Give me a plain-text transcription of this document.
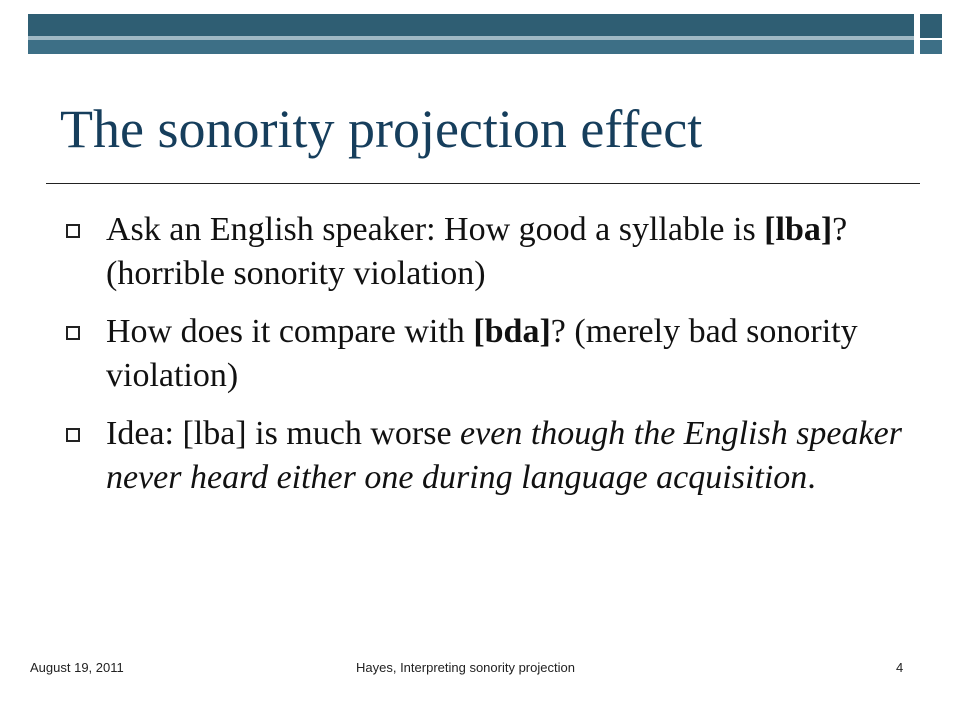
The sonority projection effect
Ask an English speaker: How good a syllable is [lba]? (horrible sonority violation)
How does it compare with [bda]? (merely bad sonority violation)
Idea: [lba] is much worse even though the English speaker never heard either one during language acquisition.
August 19, 2011	Hayes, Interpreting sonority projection	4
